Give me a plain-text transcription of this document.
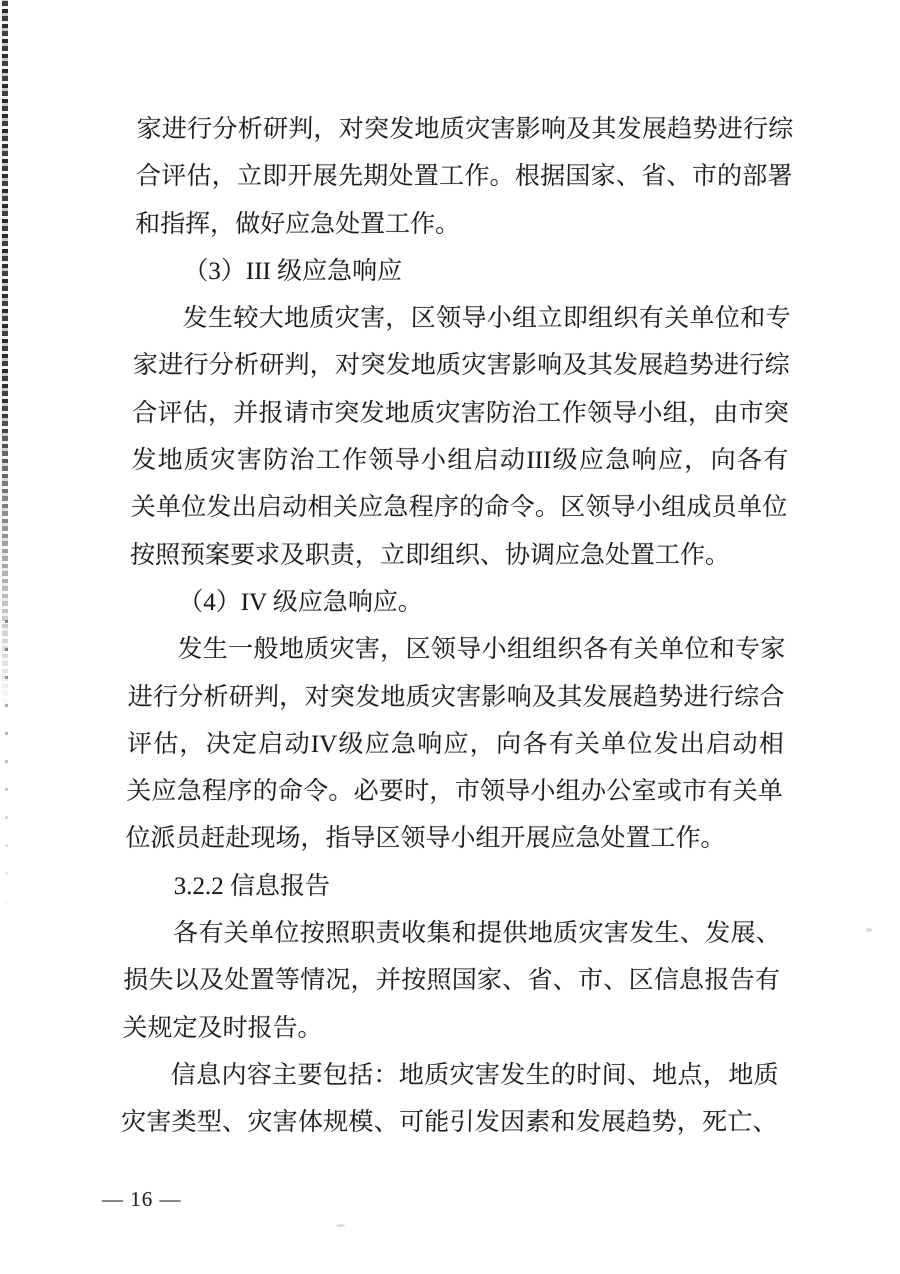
家 进 行 分 析 研 判 ， 对 突 发 地 质 灾 害 影 响 及 其 发 展 趋 势 进 行 综
合 评 估 ， 立 即 开 展 先 期 处 置 工 作 。 根 据 国 家 、 省 、 市 的 部 署
和指挥，做好应急处置工作。
（3）III 级应急响应
发 生 较 大 地 质 灾 害 ， 区 领 导 小 组 立 即 组 织 有 关 单 位 和 专
家 进 行 分 析 研 判 ， 对 突 发 地 质 灾 害 影 响 及 其 发 展 趋 势 进 行 综
合 评 估 ， 并 报 请 市 突 发 地 质 灾 害 防 治 工 作 领 导 小 组 ， 由 市 突
发 地 质 灾 害 防 治 工 作 领 导 小 组 启 动 III 级 应 急 响 应 ， 向 各 有
关 单 位 发 出 启 动 相 关 应 急 程 序 的 命 令 。 区 领 导 小 组 成 员 单 位
按照预案要求及职责，立即组织、协调应急处置工作。
（4）IV 级应急响应。
发 生 一 般 地 质 灾 害 ， 区 领 导 小 组 组 织 各 有 关 单 位 和 专 家
进 行 分 析 研 判 ， 对 突 发 地 质 灾 害 影 响 及 其 发 展 趋 势 进 行 综 合
评 估 ， 决 定 启 动 IV 级 应 急 响 应 ， 向 各 有 关 单 位 发 出 启 动 相
关 应 急 程 序 的 命 令 。 必 要 时 ， 市 领 导 小 组 办 公 室 或 市 有 关 单
位派员赶赴现场，指导区领导小组开展应急处置工作。
3.2.2 信息报告
各 有 关 单 位 按 照 职 责 收 集 和 提 供 地 质 灾 害 发 生 、 发 展 、
损 失 以 及 处 置 等 情 况 ， 并 按 照 国 家 、 省 、 市 、 区 信 息 报 告 有
关规定及时报告。
信 息 内 容 主 要 包 括 ： 地 质 灾 害 发 生 的 时 间 、 地 点 ， 地 质
灾 害 类 型 、 灾 害 体 规 模 、 可 能 引 发 因 素 和 发 展 趋 势 ， 死 亡 、
— 16 —
